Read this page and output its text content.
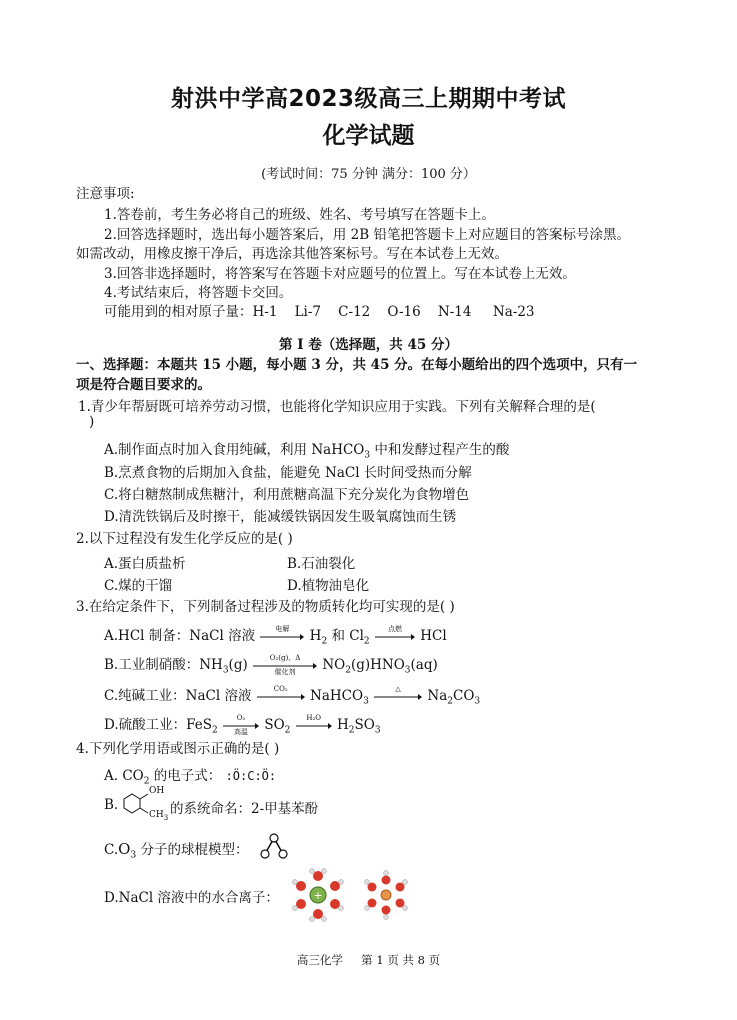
射洪中学高2023级高三上期期中考试
化学试题
(考试时间：75 分钟 满分：100 分）
注意事项:
1.答卷前，考生务必将自己的班级、姓名、考号填写在答题卡上。
2.回答选择题时，选出每小题答案后，用 2B 铅笔把答题卡上对应题目的答案标号涂黑。
如需改动，用橡皮擦干净后，再选涂其他答案标号。写在本试卷上无效。
3.回答非选择题时，将答案写在答题卡对应题号的位置上。写在本试卷上无效。
4.考试结束后，将答题卡交回。
可能用到的相对原子量：H-1    Li-7    C-12    O-16    N-14     Na-23
第 I 卷（选择题，共 45 分）
一、选择题：本题共 15 小题，每小题 3 分，共 45 分。在每小题给出的四个选项中，只有一
项是符合题目要求的。
1.青少年帮厨既可培养劳动习惯，也能将化学知识应用于实践。下列有关解释合理的是(
)
A.制作面点时加入食用纯碱，利用 NaHCO$_3$ 中和发酵过程产生的酸
B.烹煮食物的后期加入食盐，能避免 NaCl 长时间受热而分解
C.将白糖熬制成焦糖汁，利用蔗糖高温下充分炭化为食物增色
D.清洗铁锅后及时擦干，能减缓铁锅因发生吸氧腐蚀而生锈
2.以下过程没有发生化学反应的是( )
A.蛋白质盐析	B.石油裂化
C.煤的干馏	D.植物油皂化
3.在给定条件下，下列制备过程涉及的物质转化均可实现的是( )
A.HCl 制备：NaCl 溶液	电解	$H_2$ 和 $Cl_2$
点燃	HCl
B.工业制硝酸：$NH_3(g)$	O₂(g)、Δ
催化剂	$NO_2(g)HNO_3(aq)$
C.纯碱工业：NaCl 溶液	CO₂	NaHCO$_3$
△	$Na_2CO_3$
D.硫酸工业：FeS$_2$
O₂
高温	$SO_2$
H₂O	$H_2SO_3$
4.下列化学用语或图示正确的是( )
A. $CO_2$ 的电子式： :Ö:C:Ö:
B.
OH
$CH_3$
的系统命名：2-甲基苯酚
$C.O_3$ 分子的球棍模型：
D.NaCl 溶液中的水合离子：	+
高三化学 第 1 页 共 8 页
